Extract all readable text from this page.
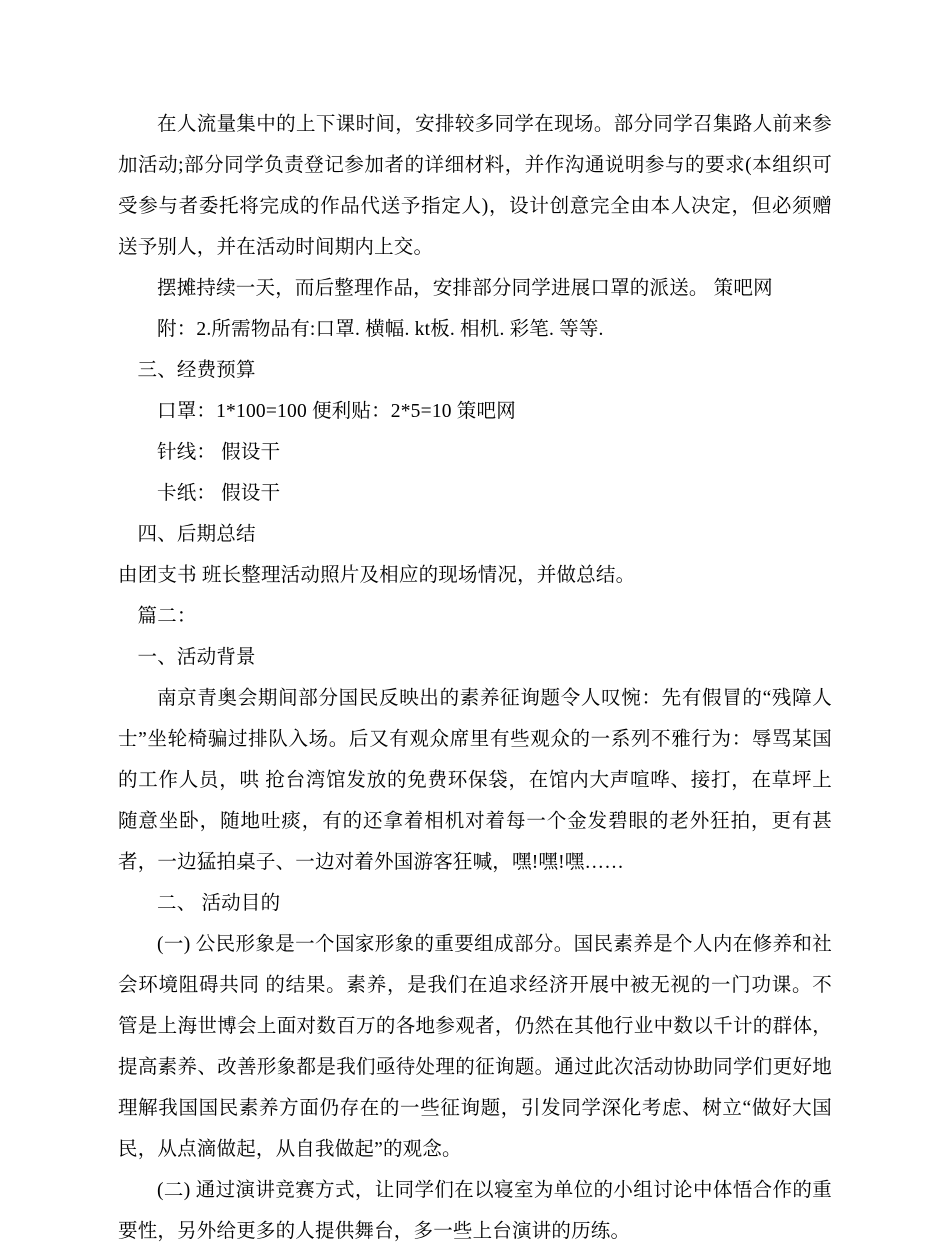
在人流量集中的上下课时间，安排较多同学在现场。部分同学召集路人前来参加活动;部分同学负责登记参加者的详细材料，并作沟通说明参与的要求(本组织可受参与者委托将完成的作品代送予指定人)，设计创意完全由本人决定，但必须赠送予别人，并在活动时间期内上交。

摆摊持续一天，而后整理作品，安排部分同学进展口罩的派送。 策吧网

附：2.所需物品有:口罩. 横幅. kt板. 相机. 彩笔. 等等.

三、经费预算

口罩：1*100=100 便利贴：2*5=10 策吧网

针线： 假设干

卡纸： 假设干

四、后期总结

由团支书 班长整理活动照片及相应的现场情况，并做总结。

篇二：

一、活动背景

南京青奥会期间部分国民反映出的素养征询题令人叹惋：先有假冒的“残障人士”坐轮椅骗过排队入场。后又有观众席里有些观众的一系列不雅行为：辱骂某国的工作人员，哄 抢台湾馆发放的免费环保袋，在馆内大声喧哗、接打，在草坪上随意坐卧，随地吐痰，有的还拿着相机对着每一个金发碧眼的老外狂拍，更有甚者，一边猛拍桌子、一边对着外国游客狂喊，嘿!嘿!嘿……

二、 活动目的

(一) 公民形象是一个国家形象的重要组成部分。国民素养是个人内在修养和社会环境阻碍共同 的结果。素养，是我们在追求经济开展中被无视的一门功课。不管是上海世博会上面对数百万的各地参观者，仍然在其他行业中数以千计的群体，提高素养、改善形象都是我们亟待处理的征询题。通过此次活动协助同学们更好地理解我国国民素养方面仍存在的一些征询题，引发同学深化考虑、树立“做好大国民，从点滴做起，从自我做起”的观念。

(二) 通过演讲竞赛方式，让同学们在以寝室为单位的小组讨论中体悟合作的重要性，另外给更多的人提供舞台，多一些上台演讲的历练。
